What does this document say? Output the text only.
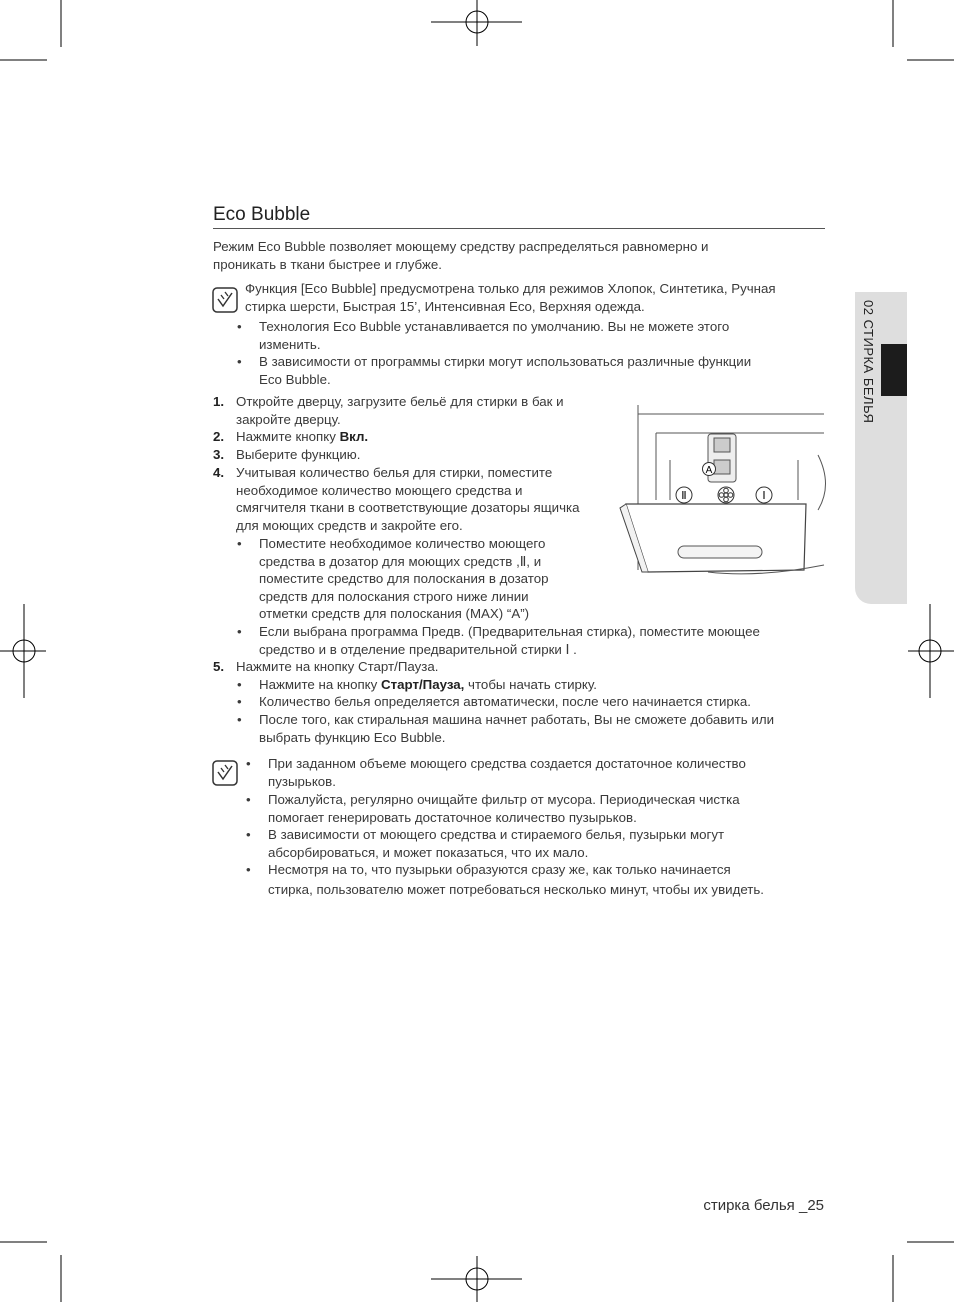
02 СТИРКА БЕЛЬЯ
Eco Bubble
Режим Eco Bubble позволяет моющему средству распределяться равномерно и
проникать в ткани быстрее и глубже.
Функция [Eco Bubble] предусмотрена только для режимов Хлопок, Синтетика, Ручная
стирка шерсти, Быстрая 15’, Интенсивная Eco, Верхняя одежда.
• Технология Eco Bubble устанавливается по умолчанию. Вы не можете этого
изменить.
• В зависимости от программы стирки могут использоваться различные функции
Eco Bubble.
1. Откройте дверцу, загрузите бельё для стирки в бак и
закройте дверцу.
2. Нажмите кнопку Вкл.
3. Выберите функцию.
4. Учитывая количество белья для стирки, поместите
необходимое количество моющего средства и
смягчителя ткани в соответствующие дозаторы ящичка
для моющих средств и закройте его.
• Поместите необходимое количество моющего
средства в дозатор для моющих средств ,Ⅱ, и
поместите средство для полоскания в дозатор
средств для полоскания строго ниже линии
отметки средств для полоскания (MAX) “A”)
• Если выбрана программа Предв. (Предварительная стирка), поместите моющее
средство и в отделение предварительной стирки Ⅰ .
5. Нажмите на кнопку Старт/Пауза.
• Нажмите на кнопку Старт/Пауза, чтобы начать стирку.
• Количество белья определяется автоматически, после чего начинается стирка.
• После того, как стиральная машина начнет работать, Вы не сможете добавить или
выбрать функцию Eco Bubble.
A
Ⅱ	Ⅰ
• При заданном объеме моющего средства создается достаточное количество
пузырьков.
• Пожалуйста, регулярно очищайте фильтр от мусора. Периодическая чистка
помогает генерировать достаточное количество пузырьков.
• В зависимости от моющего средства и стираемого белья, пузырьки могут
абсорбироваться, и может показаться, что их мало.
• Несмотря на то, что пузырьки образуются сразу же, как только начинается
стирка, пользователю может потребоваться несколько минут, чтобы их увидеть.
стирка белья _25
